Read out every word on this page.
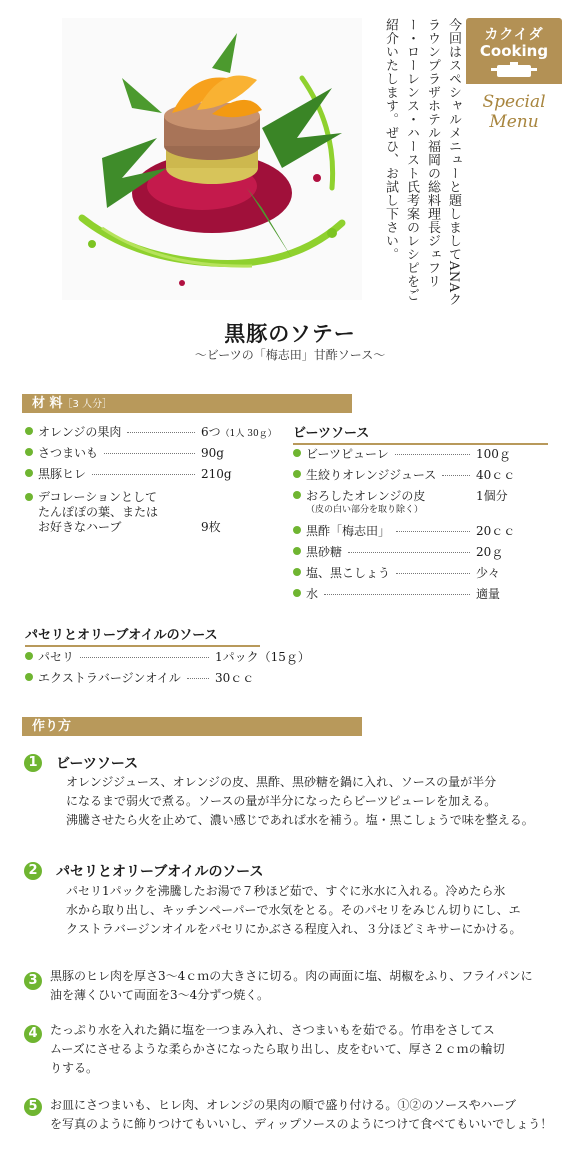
今回はスペシャルメニューと題しましてANAクラウンプラザホテル福岡の総料理長ジェフリー・ローレンス・ハースト氏考案のレシピをご紹介いたします。ぜひ、お試し下さい。	カクイダ
Cooking
Special
Menu
黒豚のソテー
～ビーツの「梅志田」甘酢ソース～
材 料［3 人分］
オレンジの果肉	6つ（1人 30ｇ）
さつまいも	90g
黒豚ヒレ	210g
デコレーションとして
たんぽぽの葉、または
お好きなハーブ	9枚
ビーツソース
ビーツピューレ	100ｇ
生絞りオレンジジュース	40ｃｃ
おろしたオレンジの皮	1個分
（皮の白い部分を取り除く）
黒酢「梅志田」	20ｃｃ
黒砂糖	20ｇ
塩、黒こしょう	少々
水	適量
パセリとオリーブオイルのソース
パセリ	1パック（15ｇ）
エクストラバージンオイル	30ｃｃ
作り方
1	ビーツソース
オレンジジュース、オレンジの皮、黒酢、黒砂糖を鍋に入れ、ソースの量が半分
になるまで弱火で煮る。ソースの量が半分になったらビーツピューレを加える。
沸騰させたら火を止めて、濃い感じであれば水を補う。塩・黒こしょうで味を整える。
2	パセリとオリーブオイルのソース
パセリ1パックを沸騰したお湯で７秒ほど茹で、すぐに氷水に入れる。冷めたら氷
水から取り出し、キッチンペーパーで水気をとる。そのパセリをみじん切りにし、エ
クストラバージンオイルをパセリにかぶさる程度入れ、３分ほどミキサーにかける。
3	黒豚のヒレ肉を厚さ3～4ｃｍの大きさに切る。肉の両面に塩、胡椒をふり、フライパンに
油を薄くひいて両面を3～4分ずつ焼く。
4	たっぷり水を入れた鍋に塩を一つまみ入れ、さつまいもを茹でる。竹串をさしてス
ムーズにさせるような柔らかさになったら取り出し、皮をむいて、厚さ２ｃｍの輪切
りする。
5	お皿にさつまいも、ヒレ肉、オレンジの果肉の順で盛り付ける。①②のソースやハーブ
を写真のように飾りつけてもいいし、ディップソースのようにつけて食べてもいいでしょう！
